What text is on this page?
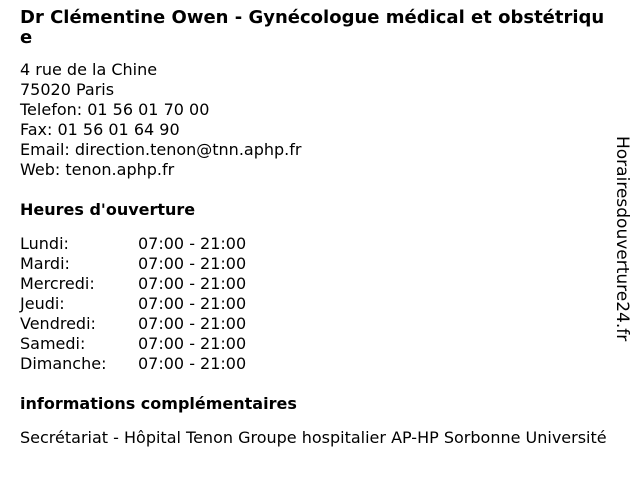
Dr Clémentine Owen - Gynécologue médical et obstétrique
4 rue de la Chine
75020 Paris
Telefon: 01 56 01 70 00
Fax: 01 56 01 64 90
Email: direction.tenon@tnn.aphp.fr
Web: tenon.aphp.fr
Heures d'ouverture
Lundi:	07:00 - 21:00
Mardi:	07:00 - 21:00
Mercredi:	07:00 - 21:00
Jeudi:	07:00 - 21:00
Vendredi:	07:00 - 21:00
Samedi:	07:00 - 21:00
Dimanche:	07:00 - 21:00
informations complémentaires
Secrétariat - Hôpital Tenon Groupe hospitalier AP-HP Sorbonne Université
Horairesdouverture24.fr
